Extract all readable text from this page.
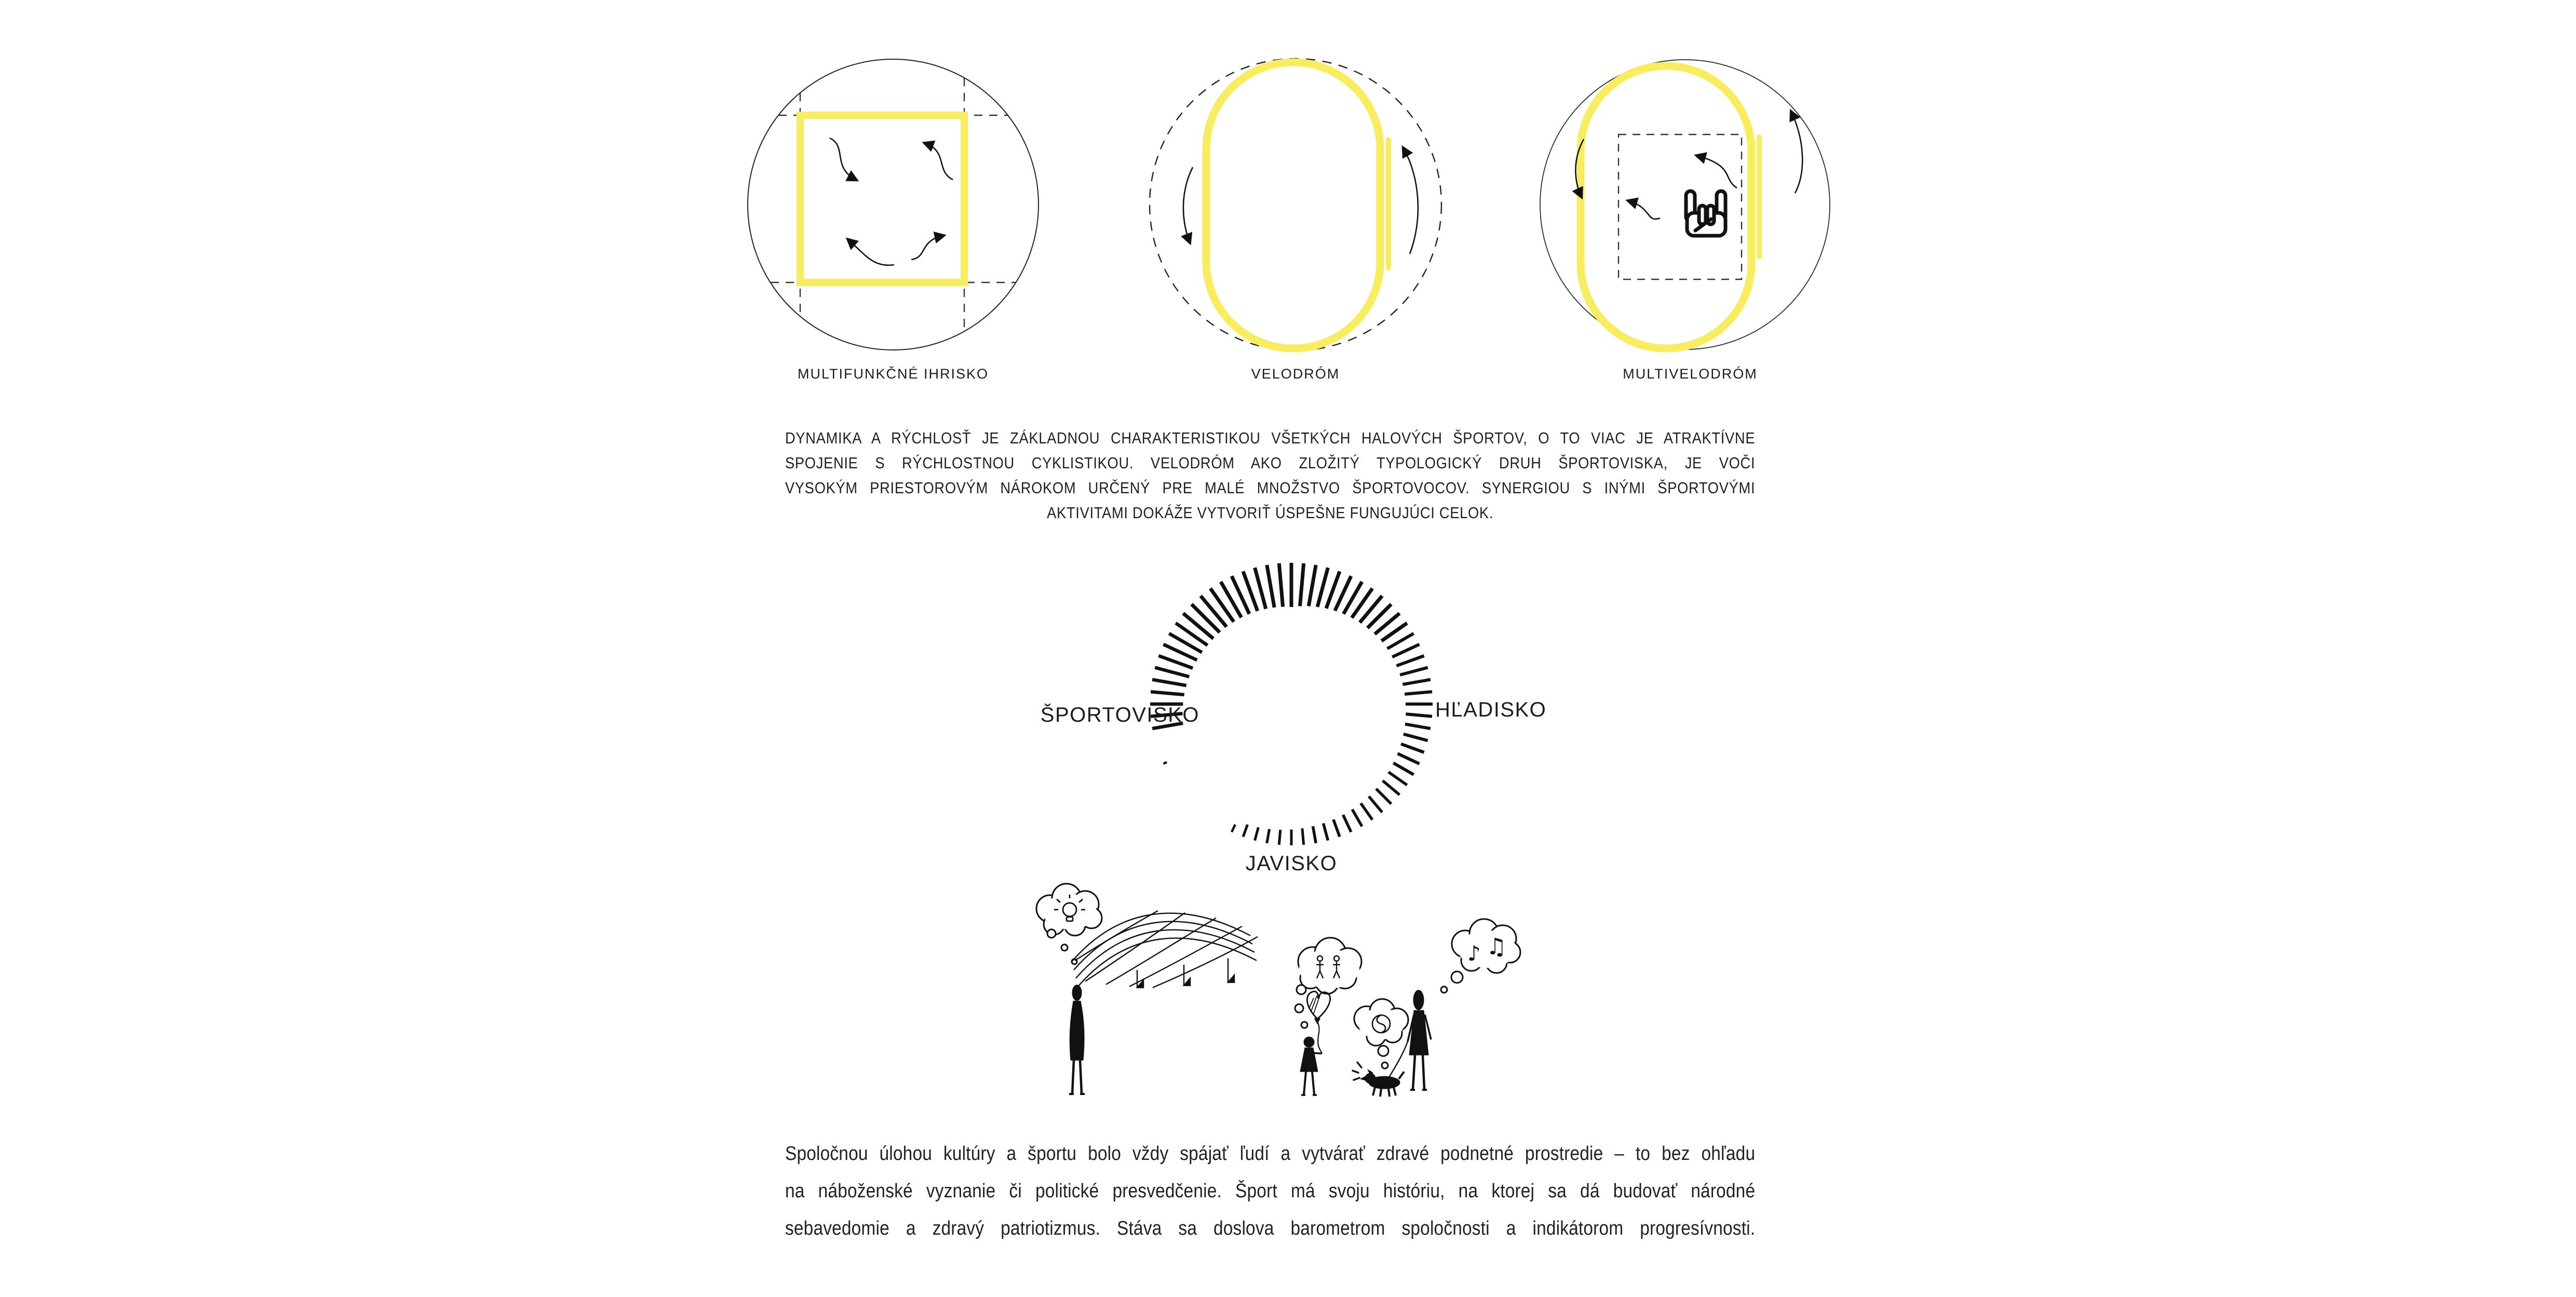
MULTIFUNKČNÉ IHRISKO	VELODRÓM	MULTIVELODRÓM
DYNAMIKA A RÝCHLOSŤ JE ZÁKLADNOU CHARAKTERISTIKOU VŠETKÝCH HALOVÝCH ŠPORTOV, O TO VIAC JE ATRAKTÍVNE
SPOJENIE S RÝCHLOSTNOU CYKLISTIKOU. VELODRÓM AKO ZLOŽITÝ TYPOLOGICKÝ DRUH ŠPORTOVISKA, JE VOČI
VYSOKÝM PRIESTOROVÝM NÁROKOM URČENÝ PRE MALÉ MNOŽSTVO ŠPORTOVOCOV. SYNERGIOU S INÝMI ŠPORTOVÝMI
AKTIVITAMI DOKÁŽE VYTVORIŤ ÚSPEŠNE FUNGUJÚCI CELOK.
ŠPORTOVISKO	HĽADISKO
JAVISKO
♪ ♫
Spoločnou úlohou kultúry a športu bolo vždy spájať ľudí a vytvárať zdravé podnetné prostredie – to bez ohľadu
na náboženské vyznanie či politické presvedčenie. Šport má svoju históriu, na ktorej sa dá budovať národné
sebavedomie a zdravý patriotizmus. Stáva sa doslova barometrom spoločnosti a indikátorom progresívnosti.
